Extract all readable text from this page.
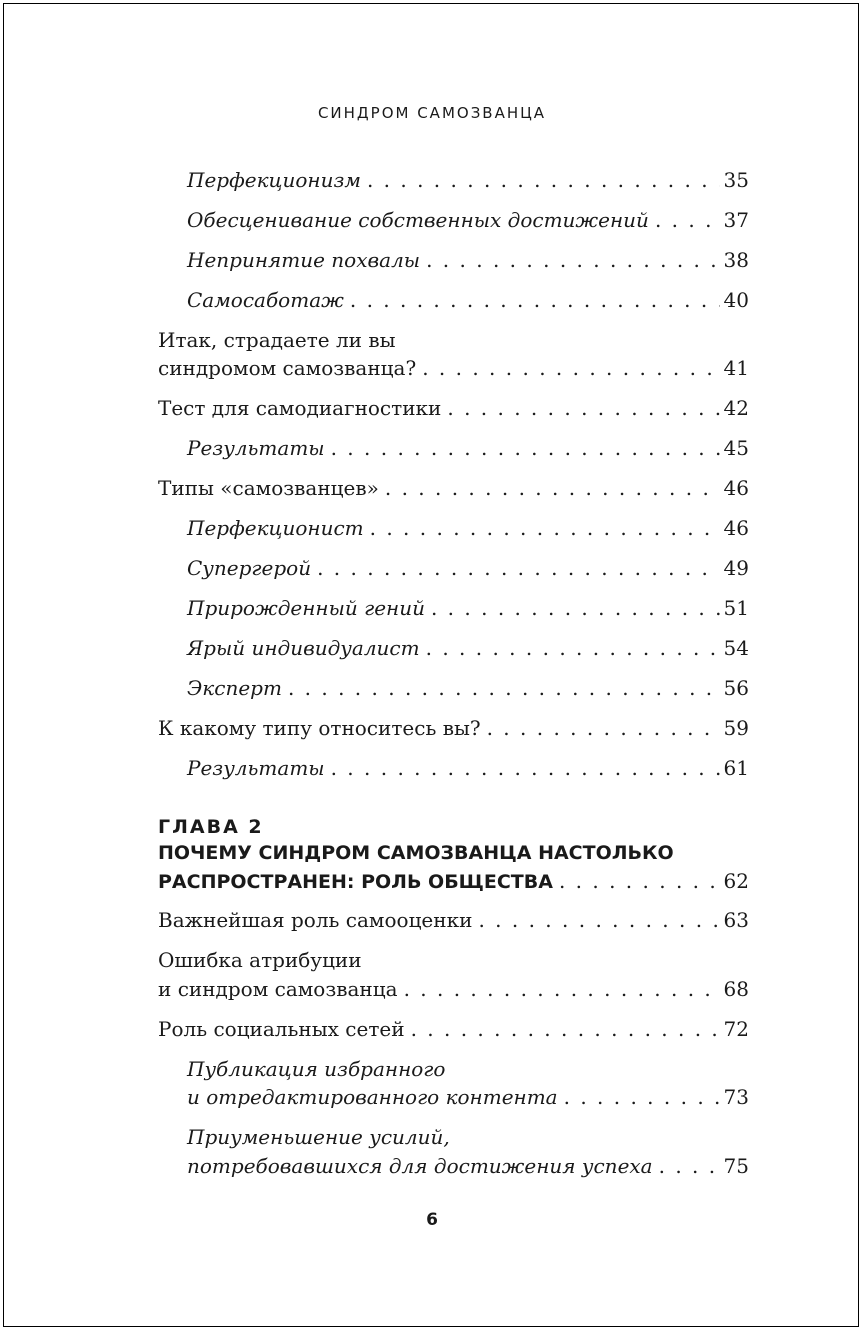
СИНДРОМ САМОЗВАНЦА
Перфекционизм . . .	35
Обесценивание собственных достижений . . .	37
Непринятие похвалы . . .	38
Самосаботаж . . .	40
Итак, страдаете ли вы
синдромом самозванца? . . .	41
Тест для самодиагностики . . .	42
Результаты . . .	45
Типы «самозванцев» . . .	46
Перфекционист . . .	46
Супергерой . . .	49
Прирожденный гений . . .	51
Ярый индивидуалист . . .	54
Эксперт . . .	56
К какому типу относитесь вы? . . .	59
Результаты . . .	61
ГЛАВА 2
ПОЧЕМУ СИНДРОМ САМОЗВАНЦА НАСТОЛЬКО
РАСПРОСТРАНЕН: РОЛЬ ОБЩЕСТВА . . .	62
Важнейшая роль самооценки . . .	63
Ошибка атрибуции
и синдром самозванца . . .	68
Роль социальных сетей . . .	72
Публикация избранного
и отредактированного контента . . .	73
Приуменьшение усилий,
потребовавшихся для достижения успеха . . .	75
6
